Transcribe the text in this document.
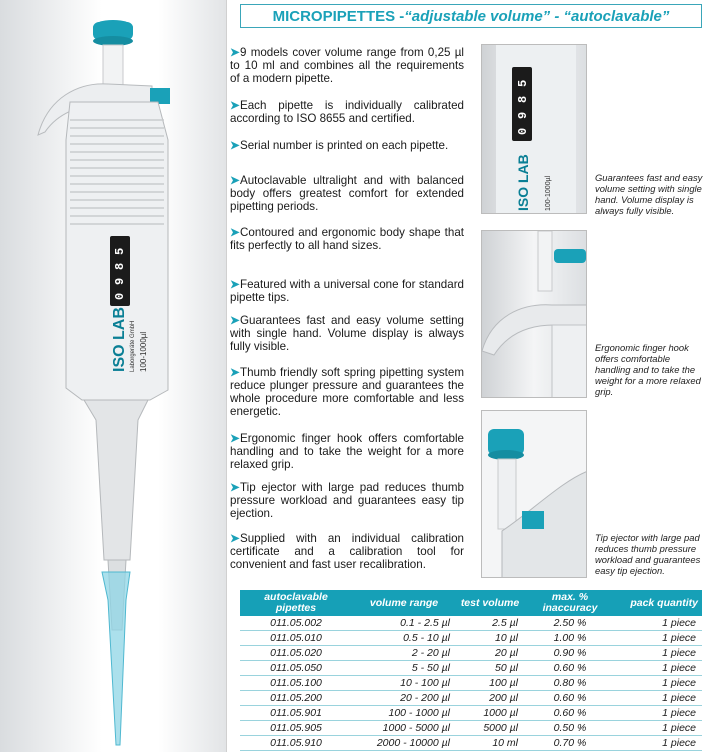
0
9
8
5
ISO
LAB Laborgeräte GmbH 100-1000µl
MICROPIPETTES - “adjustable volume” - “autoclavable”

➤9 models cover volume range from 0,25 µl to 10 ml and combines all the requirements of a modern pipette.

➤Each pipette is individually calibrated according to ISO 8655 and certified.

➤Serial number is printed on each pipette.

➤Autoclavable ultralight and with balanced body offers greatest comfort for extended pipetting periods.

➤Contoured and ergonomic body shape that fits perfectly to all hand sizes.

➤Featured with a universal cone for standard pipette tips.

➤Guarantees fast and easy volume setting with single hand. Volume display is always fully visible.

➤Thumb friendly soft spring pipetting system reduce plunger pressure and guarantees the whole procedure more comfortable and less energetic.

➤Ergonomic finger hook offers comfortable handling and to take the weight for a more relaxed grip.

➤Tip ejector with large pad reduces thumb pressure workload and guarantees easy tip ejection.

➤Supplied with an individual calibration certificate and a calibration tool for convenient and fast user recalibration.

0
9
8
5
ISO
LAB
100-1000µl	Guarantees fast and easy volume setting with single hand. Volume display is always fully visible.
Ergonomic finger hook offers comfortable handling and to take the weight for a more relaxed grip.
Tip ejector with large pad reduces thumb pressure workload and guarantees easy tip ejection.
autoclavable pipettes	volume range	test volume	max. % inaccuracy	pack quantity
011.05.002	0.1 - 2.5 µl	2.5 µl	2.50 %	1 piece
011.05.010	0.5 - 10 µl	10 µl	1.00 %	1 piece
011.05.020	2 - 20 µl	20 µl	0.90 %	1 piece
011.05.050	5 - 50 µl	50 µl	0.60 %	1 piece
011.05.100	10 - 100 µl	100 µl	0.80 %	1 piece
011.05.200	20 - 200 µl	200 µl	0.60 %	1 piece
011.05.901	100 - 1000 µl	1000 µl	0.60 %	1 piece
011.05.905	1000 - 5000 µl	5000 µl	0.50 %	1 piece
011.05.910	2000 - 10000 µl	10 ml	0.70 %	1 piece
